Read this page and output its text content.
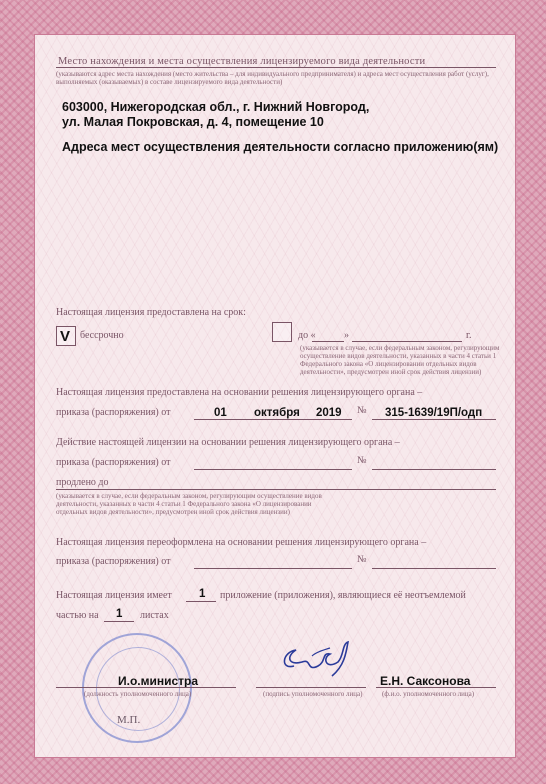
Место нахождения и места осуществления лицензируемого вида деятельности
(указываются адрес места нахождения (место жительства – для индивидуального предпринимателя) и адреса мест осуществления работ (услуг),
выполняемых (оказываемых) в составе лицензируемого вида деятельности)
603000, Нижегородская обл., г. Нижний Новгород,
ул. Малая Покровская, д. 4, помещение 10
Адреса мест осуществления деятельности согласно приложению(ям)
Настоящая лицензия предоставлена на срок:
V бессрочно	до «	»	г.
(указывается в случае, если федеральным законом, регулирующим
осуществление видов деятельности, указанных в части 4 статьи 1
Федерального закона «О лицензировании отдельных видов
деятельности», предусмотрен иной срок действия лицензии)
Настоящая лицензия предоставлена на основании решения лицензирующего органа –
приказа (распоряжения) от	01 октября 2019 № 315-1639/19П/одп
Действие настоящей лицензии на основании решения лицензирующего органа –
приказа (распоряжения) от	№
продлено до
(указывается в случае, если федеральным законом, регулирующим осуществление видов
деятельности, указанных в части 4 статьи 1 Федерального закона «О лицензировании
отдельных видов деятельности», предусмотрен иной срок действия лицензии)
Настоящая лицензия переоформлена на основании решения лицензирующего органа –
приказа (распоряжения) от	№
Настоящая лицензия имеет 1 приложение (приложения), являющиеся её неотъемлемой
частью на 1 листах
И.о.министра
(должность уполномоченного лица)	(подпись уполномоченного лица)
Е.Н. Саксонова
(ф.и.о. уполномоченного лица)
М.П.
